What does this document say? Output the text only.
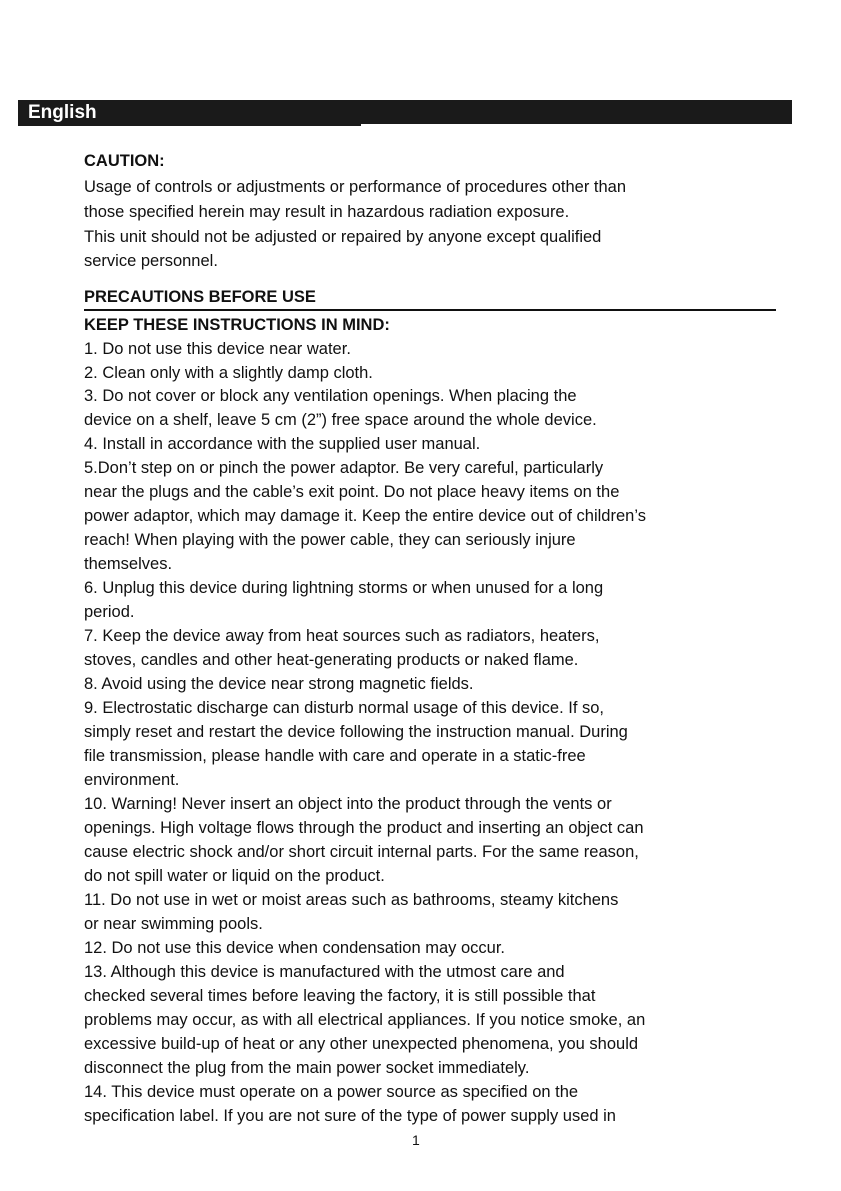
English
CAUTION:
Usage of controls or adjustments or performance of procedures other than
those specified herein may result in hazardous radiation exposure.
This unit should not be adjusted or repaired by anyone except qualified
service personnel.
PRECAUTIONS BEFORE USE
KEEP THESE INSTRUCTIONS IN MIND:
1. Do not use this device near water.
2. Clean only with a slightly damp cloth.
3. Do not cover or block any ventilation openings. When placing the
device on a shelf, leave 5 cm (2”) free space around the whole device.
4. Install in accordance with the supplied user manual.
5.Don’t step on or pinch the power adaptor. Be very careful, particularly
near the plugs and the cable’s exit point. Do not place heavy items on the
power adaptor, which may damage it. Keep the entire device out of children’s
reach! When playing with the power cable, they can seriously injure
themselves.
6. Unplug this device during lightning storms or when unused for a long
period.
7. Keep the device away from heat sources such as radiators, heaters,
stoves, candles and other heat-generating products or naked flame.
8. Avoid using the device near strong magnetic fields.
9. Electrostatic discharge can disturb normal usage of this device. If so,
simply reset and restart the device following the instruction manual. During
file transmission, please handle with care and operate in a static-free
environment.
10. Warning! Never insert an object into the product through the vents or
openings. High voltage flows through the product and inserting an object can
cause electric shock and/or short circuit internal parts. For the same reason,
do not spill water or liquid on the product.
11. Do not use in wet or moist areas such as bathrooms, steamy kitchens
or near swimming pools.
12. Do not use this device when condensation may occur.
13. Although this device is manufactured with the utmost care and
checked several times before leaving the factory, it is still possible that
problems may occur, as with all electrical appliances. If you notice smoke, an
excessive build-up of heat or any other unexpected phenomena, you should
disconnect the plug from the main power socket immediately.
14. This device must operate on a power source as specified on the
specification label. If you are not sure of the type of power supply used in
1
